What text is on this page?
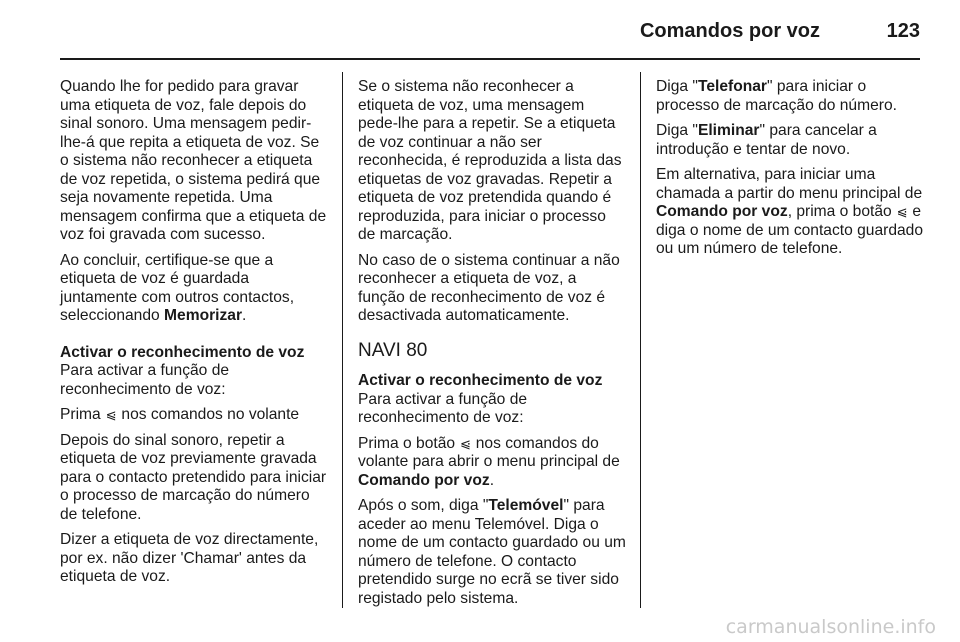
Comandos por voz	123

Quando lhe for pedido para gravar uma etiqueta de voz, fale depois do sinal sonoro. Uma mensagem pedir-lhe-á que repita a etiqueta de voz. Se o sistema não reconhecer a etiqueta de voz repetida, o sistema pedirá que seja novamente repetida. Uma mensagem confirma que a etiqueta de voz foi gravada com sucesso.

Ao concluir, certifique-se que a etiqueta de voz é guardada juntamente com outros contactos, seleccionando Memorizar.

Activar o reconhecimento de voz

Para activar a função de reconhecimento de voz:

Prima ⩿ nos comandos no volante

Depois do sinal sonoro, repetir a etiqueta de voz previamente gravada para o contacto pretendido para iniciar o processo de marcação do número de telefone.

Dizer a etiqueta de voz directamente, por ex. não dizer 'Chamar' antes da etiqueta de voz.

Se o sistema não reconhecer a etiqueta de voz, uma mensagem pede-lhe para a repetir. Se a etiqueta de voz continuar a não ser reconhecida, é reproduzida a lista das etiquetas de voz gravadas. Repetir a etiqueta de voz pretendida quando é reproduzida, para iniciar o processo de marcação.

No caso de o sistema continuar a não reconhecer a etiqueta de voz, a função de reconhecimento de voz é desactivada automaticamente.

NAVI 80

Activar o reconhecimento de voz

Para activar a função de reconhecimento de voz:

Prima o botão ⩿ nos comandos do volante para abrir o menu principal de Comando por voz.

Após o som, diga "Telemóvel" para aceder ao menu Telemóvel. Diga o nome de um contacto guardado ou um número de telefone. O contacto pretendido surge no ecrã se tiver sido registado pelo sistema.

Diga "Telefonar" para iniciar o processo de marcação do número.

Diga "Eliminar" para cancelar a introdução e tentar de novo.

Em alternativa, para iniciar uma chamada a partir do menu principal de Comando por voz, prima o botão ⩿ e diga o nome de um contacto guardado ou um número de telefone.

carmanualsonline.info
